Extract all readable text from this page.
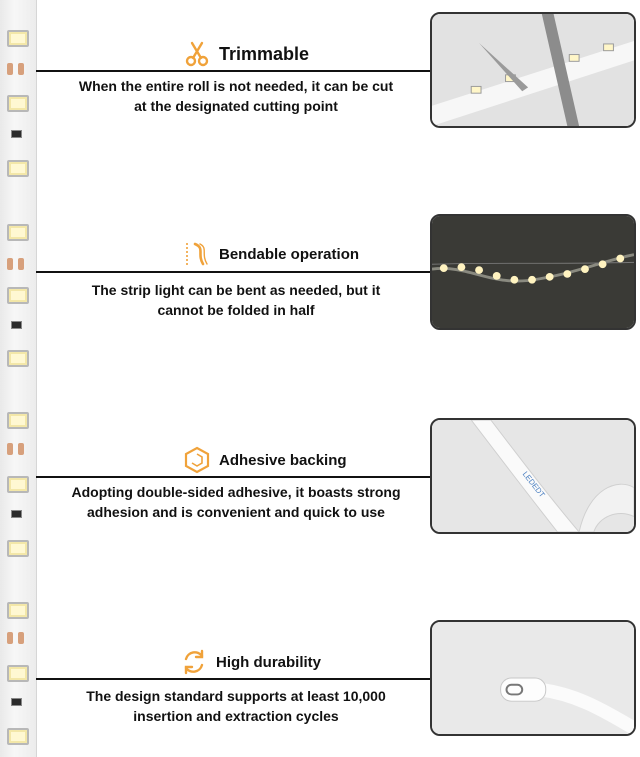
Trimmable
When the entire roll is not needed, it can be cut
at the designated cutting point
Bendable operation
The strip light can be bent as needed, but it
cannot be folded in half
Adhesive backing
Adopting double-sided adhesive, it boasts strong
adhesion and is convenient and quick to use
LEDEDT
High durability
The design standard supports at least 10,000
insertion and extraction cycles
